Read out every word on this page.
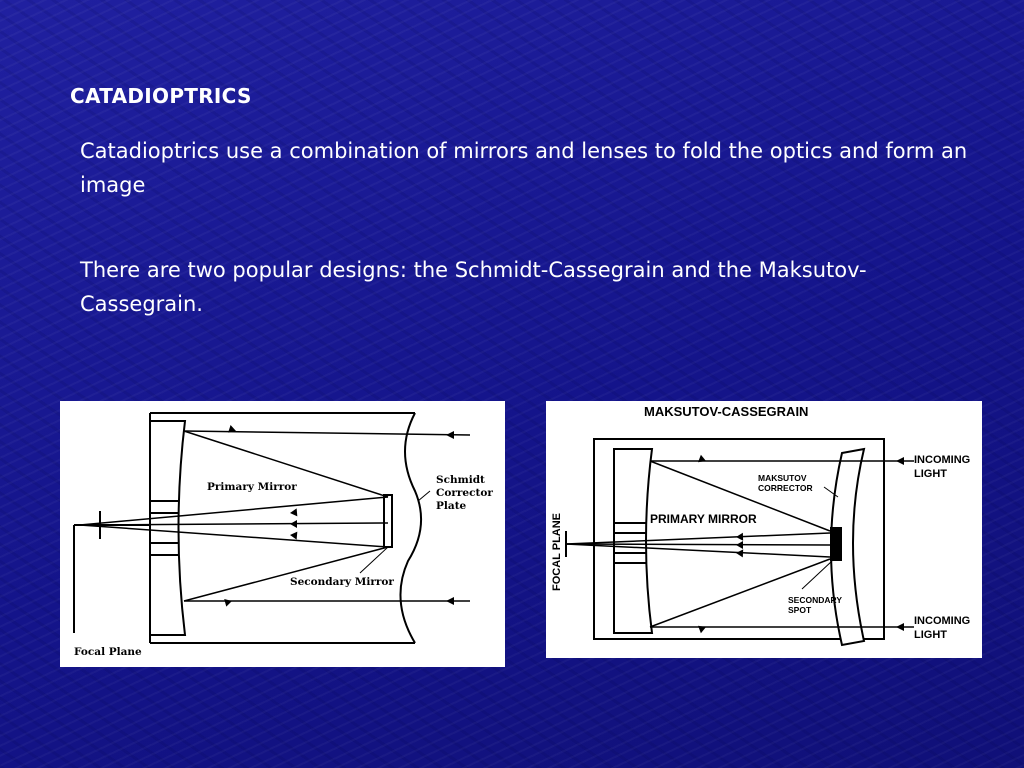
CATADIOPTRICS

Catadioptrics use a combination of mirrors and lenses to fold the optics and form an image

There are two popular designs: the Schmidt-Cassegrain and the Maksutov-Cassegrain.

Primary Mirror
Schmidt
Corrector
Plate
Secondary Mirror
Focal Plane
MAKSUTOV-CASSEGRAIN
FOCAL PLANE	PRIMARY MIRROR
MAKSUTOV
CORRECTOR
SECONDARY
SPOT
INCOMING
LIGHT
INCOMING
LIGHT
